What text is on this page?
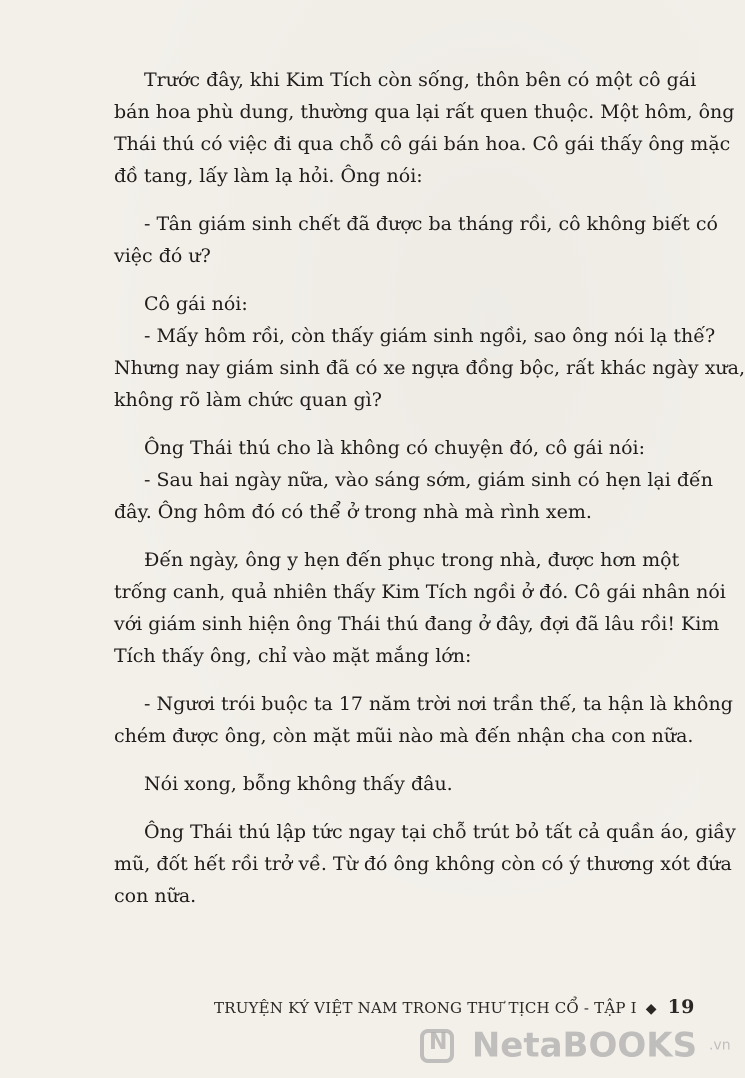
Trước đây, khi Kim Tích còn sống, thôn bên có một cô gái
bán hoa phù dung, thường qua lại rất quen thuộc. Một hôm, ông
Thái thú có việc đi qua chỗ cô gái bán hoa. Cô gái thấy ông mặc
đồ tang, lấy làm lạ hỏi. Ông nói:

- Tân giám sinh chết đã được ba tháng rồi, cô không biết có
việc đó ư?

Cô gái nói:
- Mấy hôm rồi, còn thấy giám sinh ngồi, sao ông nói lạ thế?
Nhưng nay giám sinh đã có xe ngựa đồng bộc, rất khác ngày xưa,
không rõ làm chức quan gì?

Ông Thái thú cho là không có chuyện đó, cô gái nói:
- Sau hai ngày nữa, vào sáng sớm, giám sinh có hẹn lại đến
đây. Ông hôm đó có thể ở trong nhà mà rình xem.

Đến ngày, ông y hẹn đến phục trong nhà, được hơn một
trống canh, quả nhiên thấy Kim Tích ngồi ở đó. Cô gái nhân nói
với giám sinh hiện ông Thái thú đang ở đây, đợi đã lâu rồi! Kim
Tích thấy ông, chỉ vào mặt mắng lớn:

- Ngươi trói buộc ta 17 năm trời nơi trần thế, ta hận là không
chém được ông, còn mặt mũi nào mà đến nhận cha con nữa.

Nói xong, bỗng không thấy đâu.

Ông Thái thú lập tức ngay tại chỗ trút bỏ tất cả quần áo, giầy
mũ, đốt hết rồi trở về. Từ đó ông không còn có ý thương xót đứa
con nữa.

TRUYỆN KÝ VIỆT NAM TRONG THƯ TỊCH CỔ - TẬP I ◆ 19
N NetaBOOKS .vn
